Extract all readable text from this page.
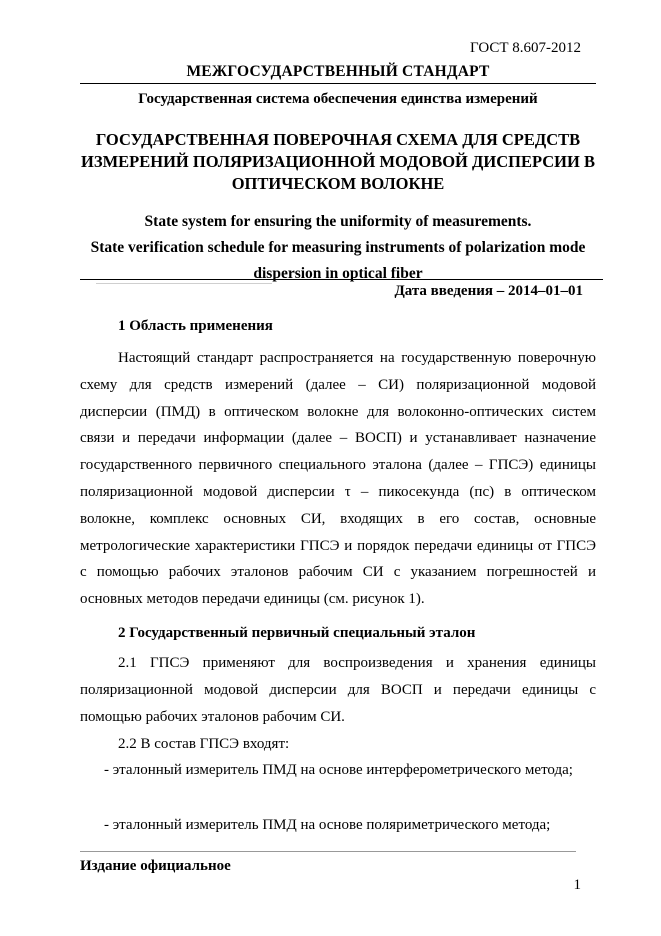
ГОСТ 8.607-2012
МЕЖГОСУДАРСТВЕННЫЙ СТАНДАРТ
Государственная система обеспечения единства измерений
ГОСУДАРСТВЕННАЯ ПОВЕРОЧНАЯ СХЕМА ДЛЯ СРЕДСТВ
ИЗМЕРЕНИЙ ПОЛЯРИЗАЦИОННОЙ МОДОВОЙ ДИСПЕРСИИ В
ОПТИЧЕСКОМ ВОЛОКНЕ
State system for ensuring the uniformity of measurements.
State verification schedule for measuring instruments of polarization mode
dispersion in optical fiber
Дата введения – 2014–01–01
1 Область применения
Настоящий стандарт распространяется на государственную поверочную схему для средств измерений (далее – СИ) поляризационной модовой дисперсии (ПМД) в оптическом волокне для волоконно-оптических систем связи и передачи информации (далее – ВОСП) и устанавливает назначение государственного первичного специального эталона (далее – ГПСЭ) единицы поляризационной модовой дисперсии τ – пикосекунда (пс) в оптическом волокне, комплекс основных СИ, входящих в его состав, основные метрологические характеристики ГПСЭ и порядок передачи единицы от ГПСЭ с помощью рабочих эталонов рабочим СИ с указанием погрешностей и основных методов передачи единицы (см. рисунок 1).
2 Государственный первичный специальный эталон
2.1 ГПСЭ применяют для воспроизведения и хранения единицы поляризационной модовой дисперсии для ВОСП и передачи единицы с помощью рабочих эталонов рабочим СИ.
2.2 В состав ГПСЭ входят:
- эталонный измеритель ПМД на основе интерферометрического метода;
- эталонный измеритель ПМД на основе поляриметрического метода;
Издание официальное
1
